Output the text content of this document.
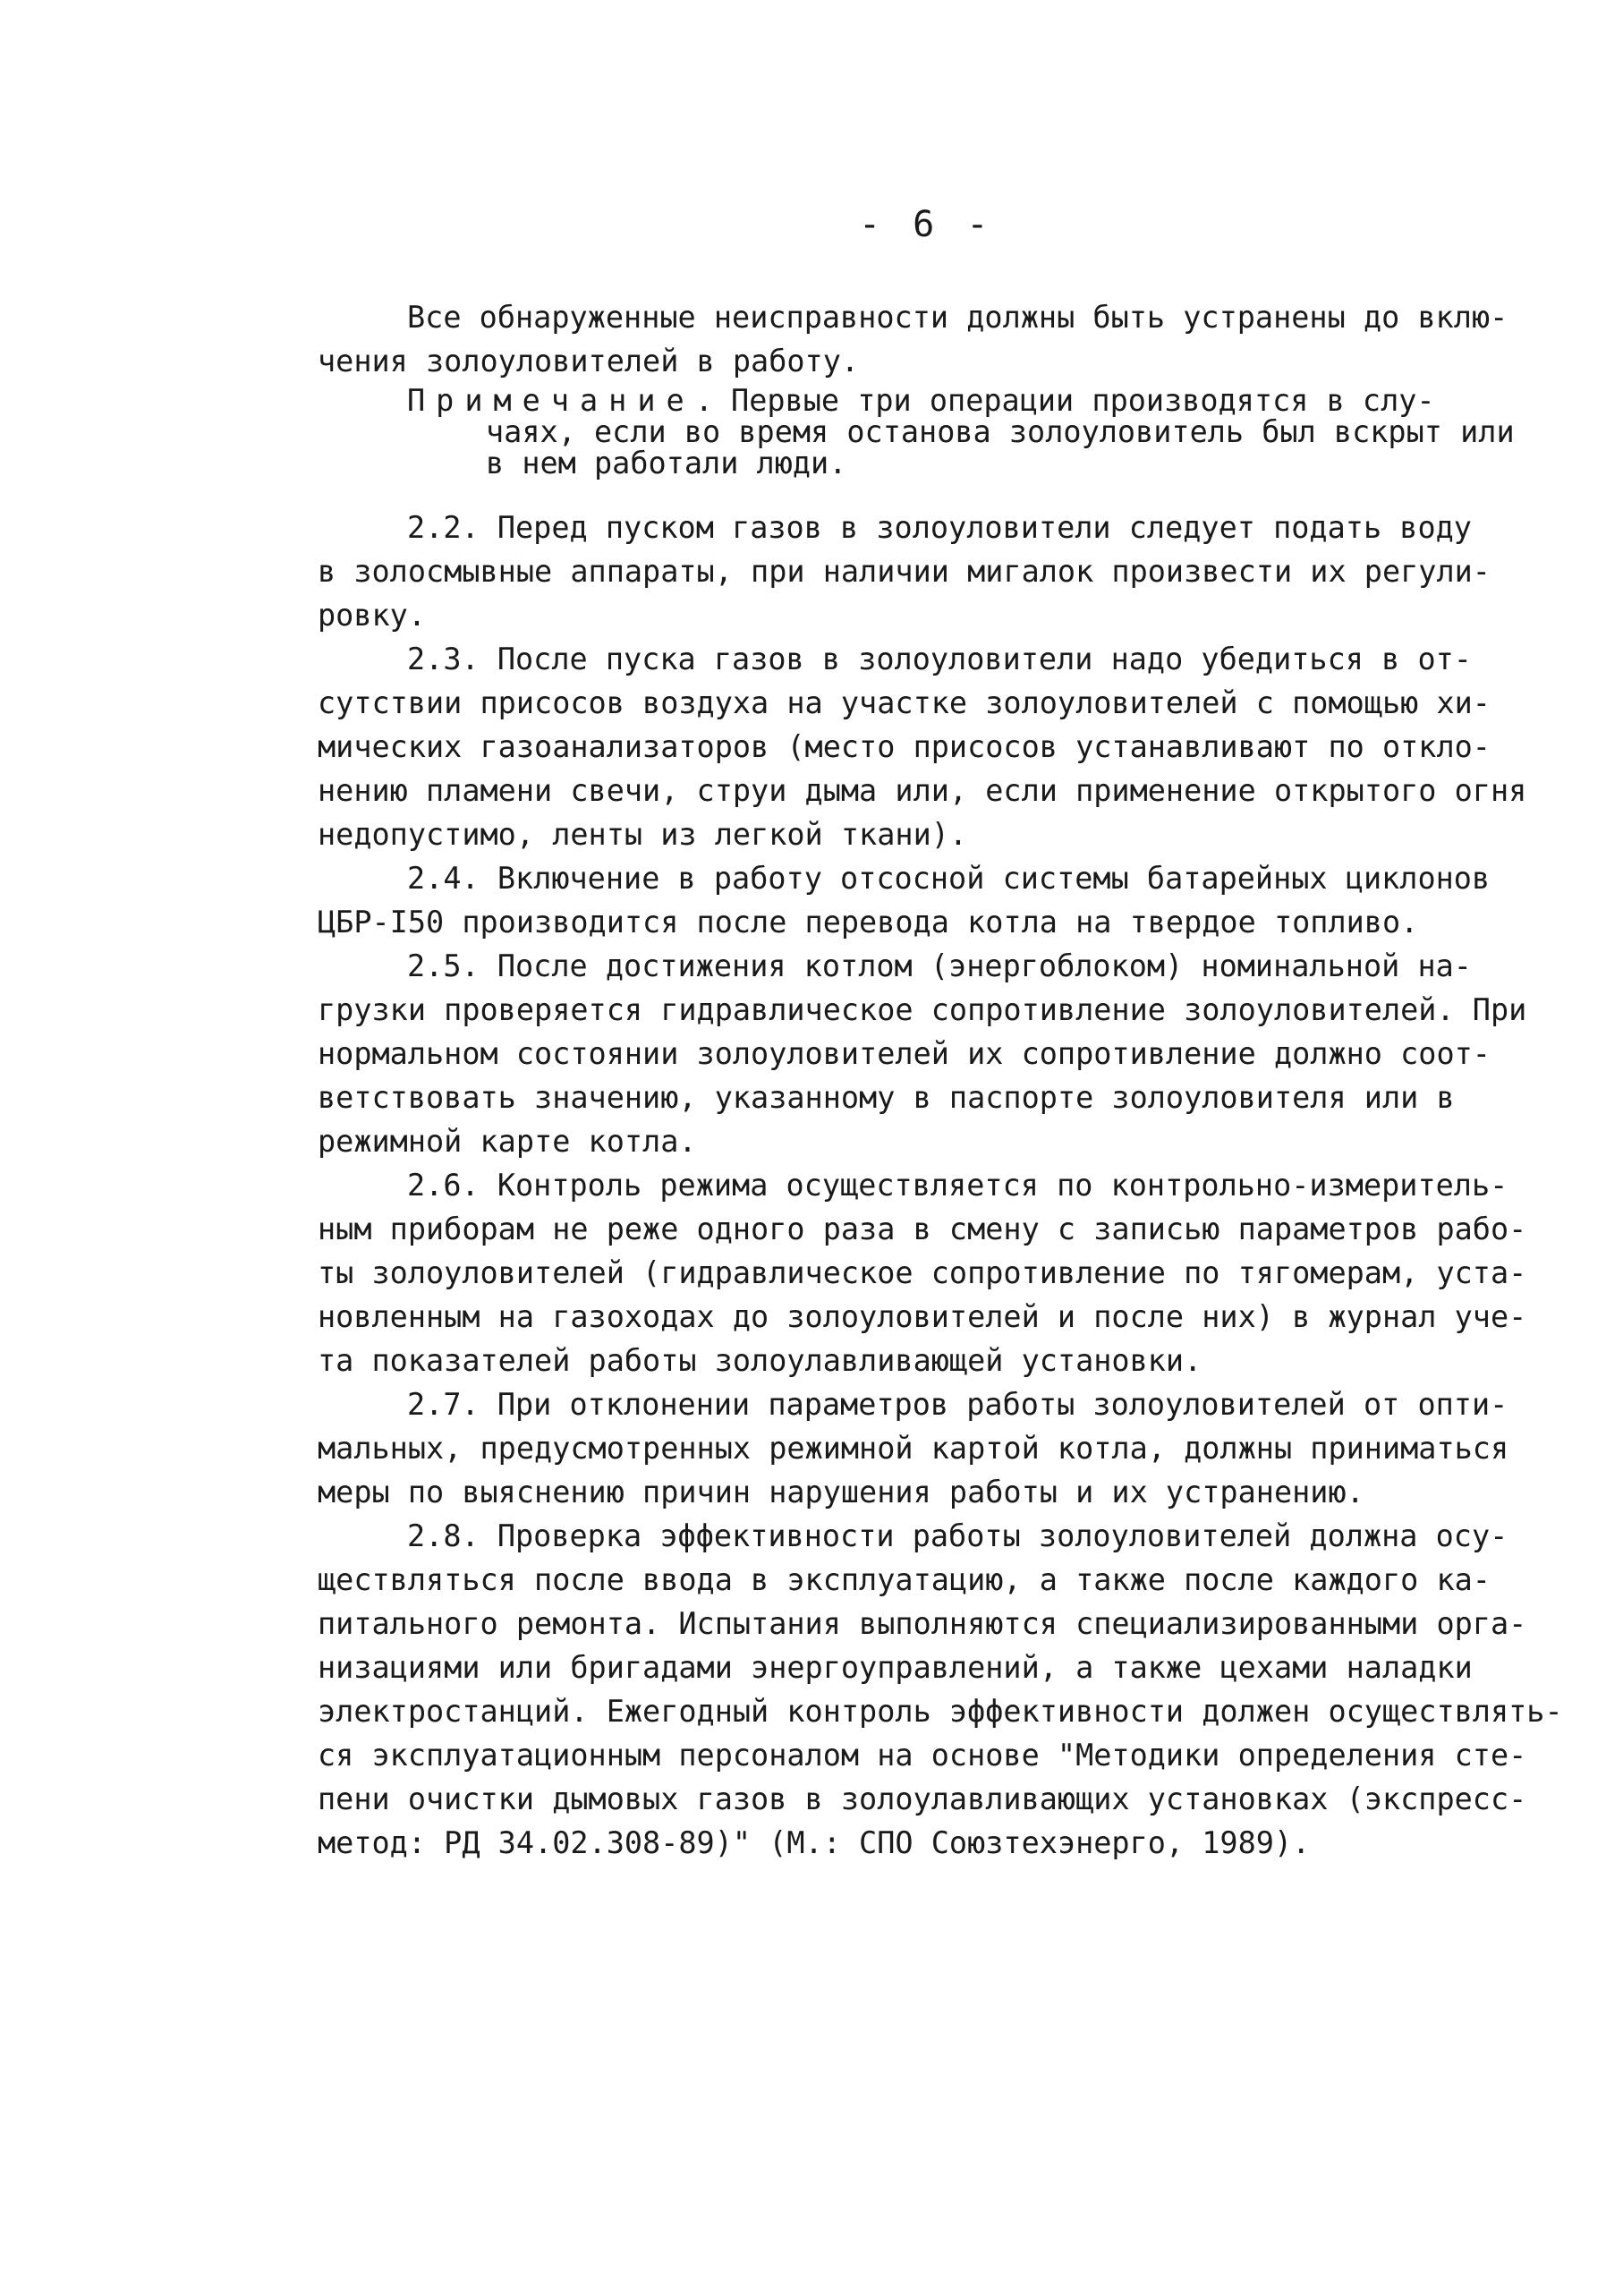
- 6 -
Все обнаруженные неисправности должны быть устранены до вклю-
чения золоуловителей в работу.
Примечание. Первые три операции производятся в слу-
чаях, если во время останова золоуловитель был вскрыт или
в нем работали люди.
2.2. Перед пуском газов в золоуловители следует подать воду
в золосмывные аппараты, при наличии мигалок произвести их регули-
ровку.
2.3. После пуска газов в золоуловители надо убедиться в от-
сутствии присосов воздуха на участке золоуловителей с помощью хи-
мических газоанализаторов (место присосов устанавливают по откло-
нению пламени свечи, струи дыма или, если применение открытого огня
недопустимо, ленты из легкой ткани).
2.4. Включение в работу отсосной системы батарейных циклонов
ЦБР-I50 производится после перевода котла на твердое топливо.
2.5. После достижения котлом (энергоблоком) номинальной на-
грузки проверяется гидравлическое сопротивление золоуловителей. При
нормальном состоянии золоуловителей их сопротивление должно соот-
ветствовать значению, указанному в паспорте золоуловителя или в
режимной карте котла.
2.6. Контроль режима осуществляется по контрольно-измеритель-
ным приборам не реже одного раза в смену с записью параметров рабо-
ты золоуловителей (гидравлическое сопротивление по тягомерам, уста-
новленным на газоходах до золоуловителей и после них) в журнал уче-
та показателей работы золоулавливающей установки.
2.7. При отклонении параметров работы золоуловителей от опти-
мальных, предусмотренных режимной картой котла, должны приниматься
меры по выяснению причин нарушения работы и их устранению.
2.8. Проверка эффективности работы золоуловителей должна осу-
ществляться после ввода в эксплуатацию, а также после каждого ка-
питального ремонта. Испытания выполняются специализированными орга-
низациями или бригадами энергоуправлений, а также цехами наладки
электростанций. Ежегодный контроль эффективности должен осуществлять-
ся эксплуатационным персоналом на основе "Методики определения сте-
пени очистки дымовых газов в золоулавливающих установках (экспресс-
метод: РД 34.02.308-89)" (М.: СПО Союзтехэнерго, 1989).
